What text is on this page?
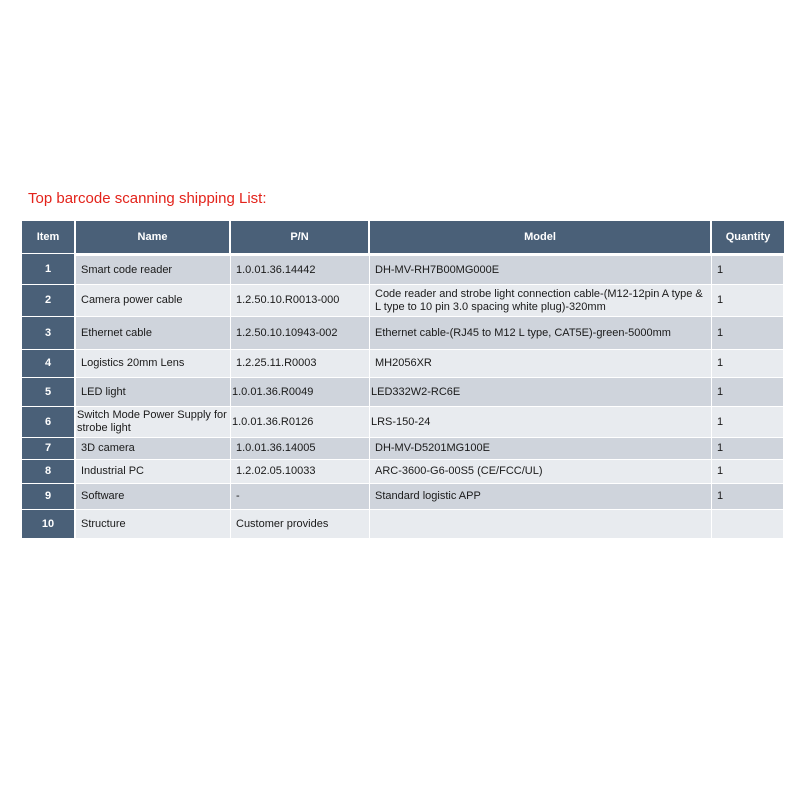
Top barcode scanning shipping List:
Item	Name	P/N	Model	Quantity
1	Smart code reader	1.0.01.36.14442	DH-MV-RH7B00MG000E	1
2	Camera power cable	1.2.50.10.R0013-000	Code reader and strobe light connection cable-(M12-12pin A type & L type to 10 pin 3.0 spacing white plug)-320mm	1
3	Ethernet cable	1.2.50.10.10943-002	Ethernet cable-(RJ45 to M12 L type, CAT5E)-green-5000mm	1
4	Logistics 20mm Lens	1.2.25.11.R0003	MH2056XR	1
5	LED light	1.0.01.36.R0049	LED332W2-RC6E	1
6	Switch Mode Power Supply for strobe light	1.0.01.36.R0126	LRS-150-24	1
7	3D camera	1.0.01.36.14005	DH-MV-D5201MG100E	1
8	Industrial PC	1.2.02.05.10033	ARC-3600-G6-00S5 (CE/FCC/UL)	1
9	Software	-	Standard logistic APP	1
10	Structure	Customer provides		
